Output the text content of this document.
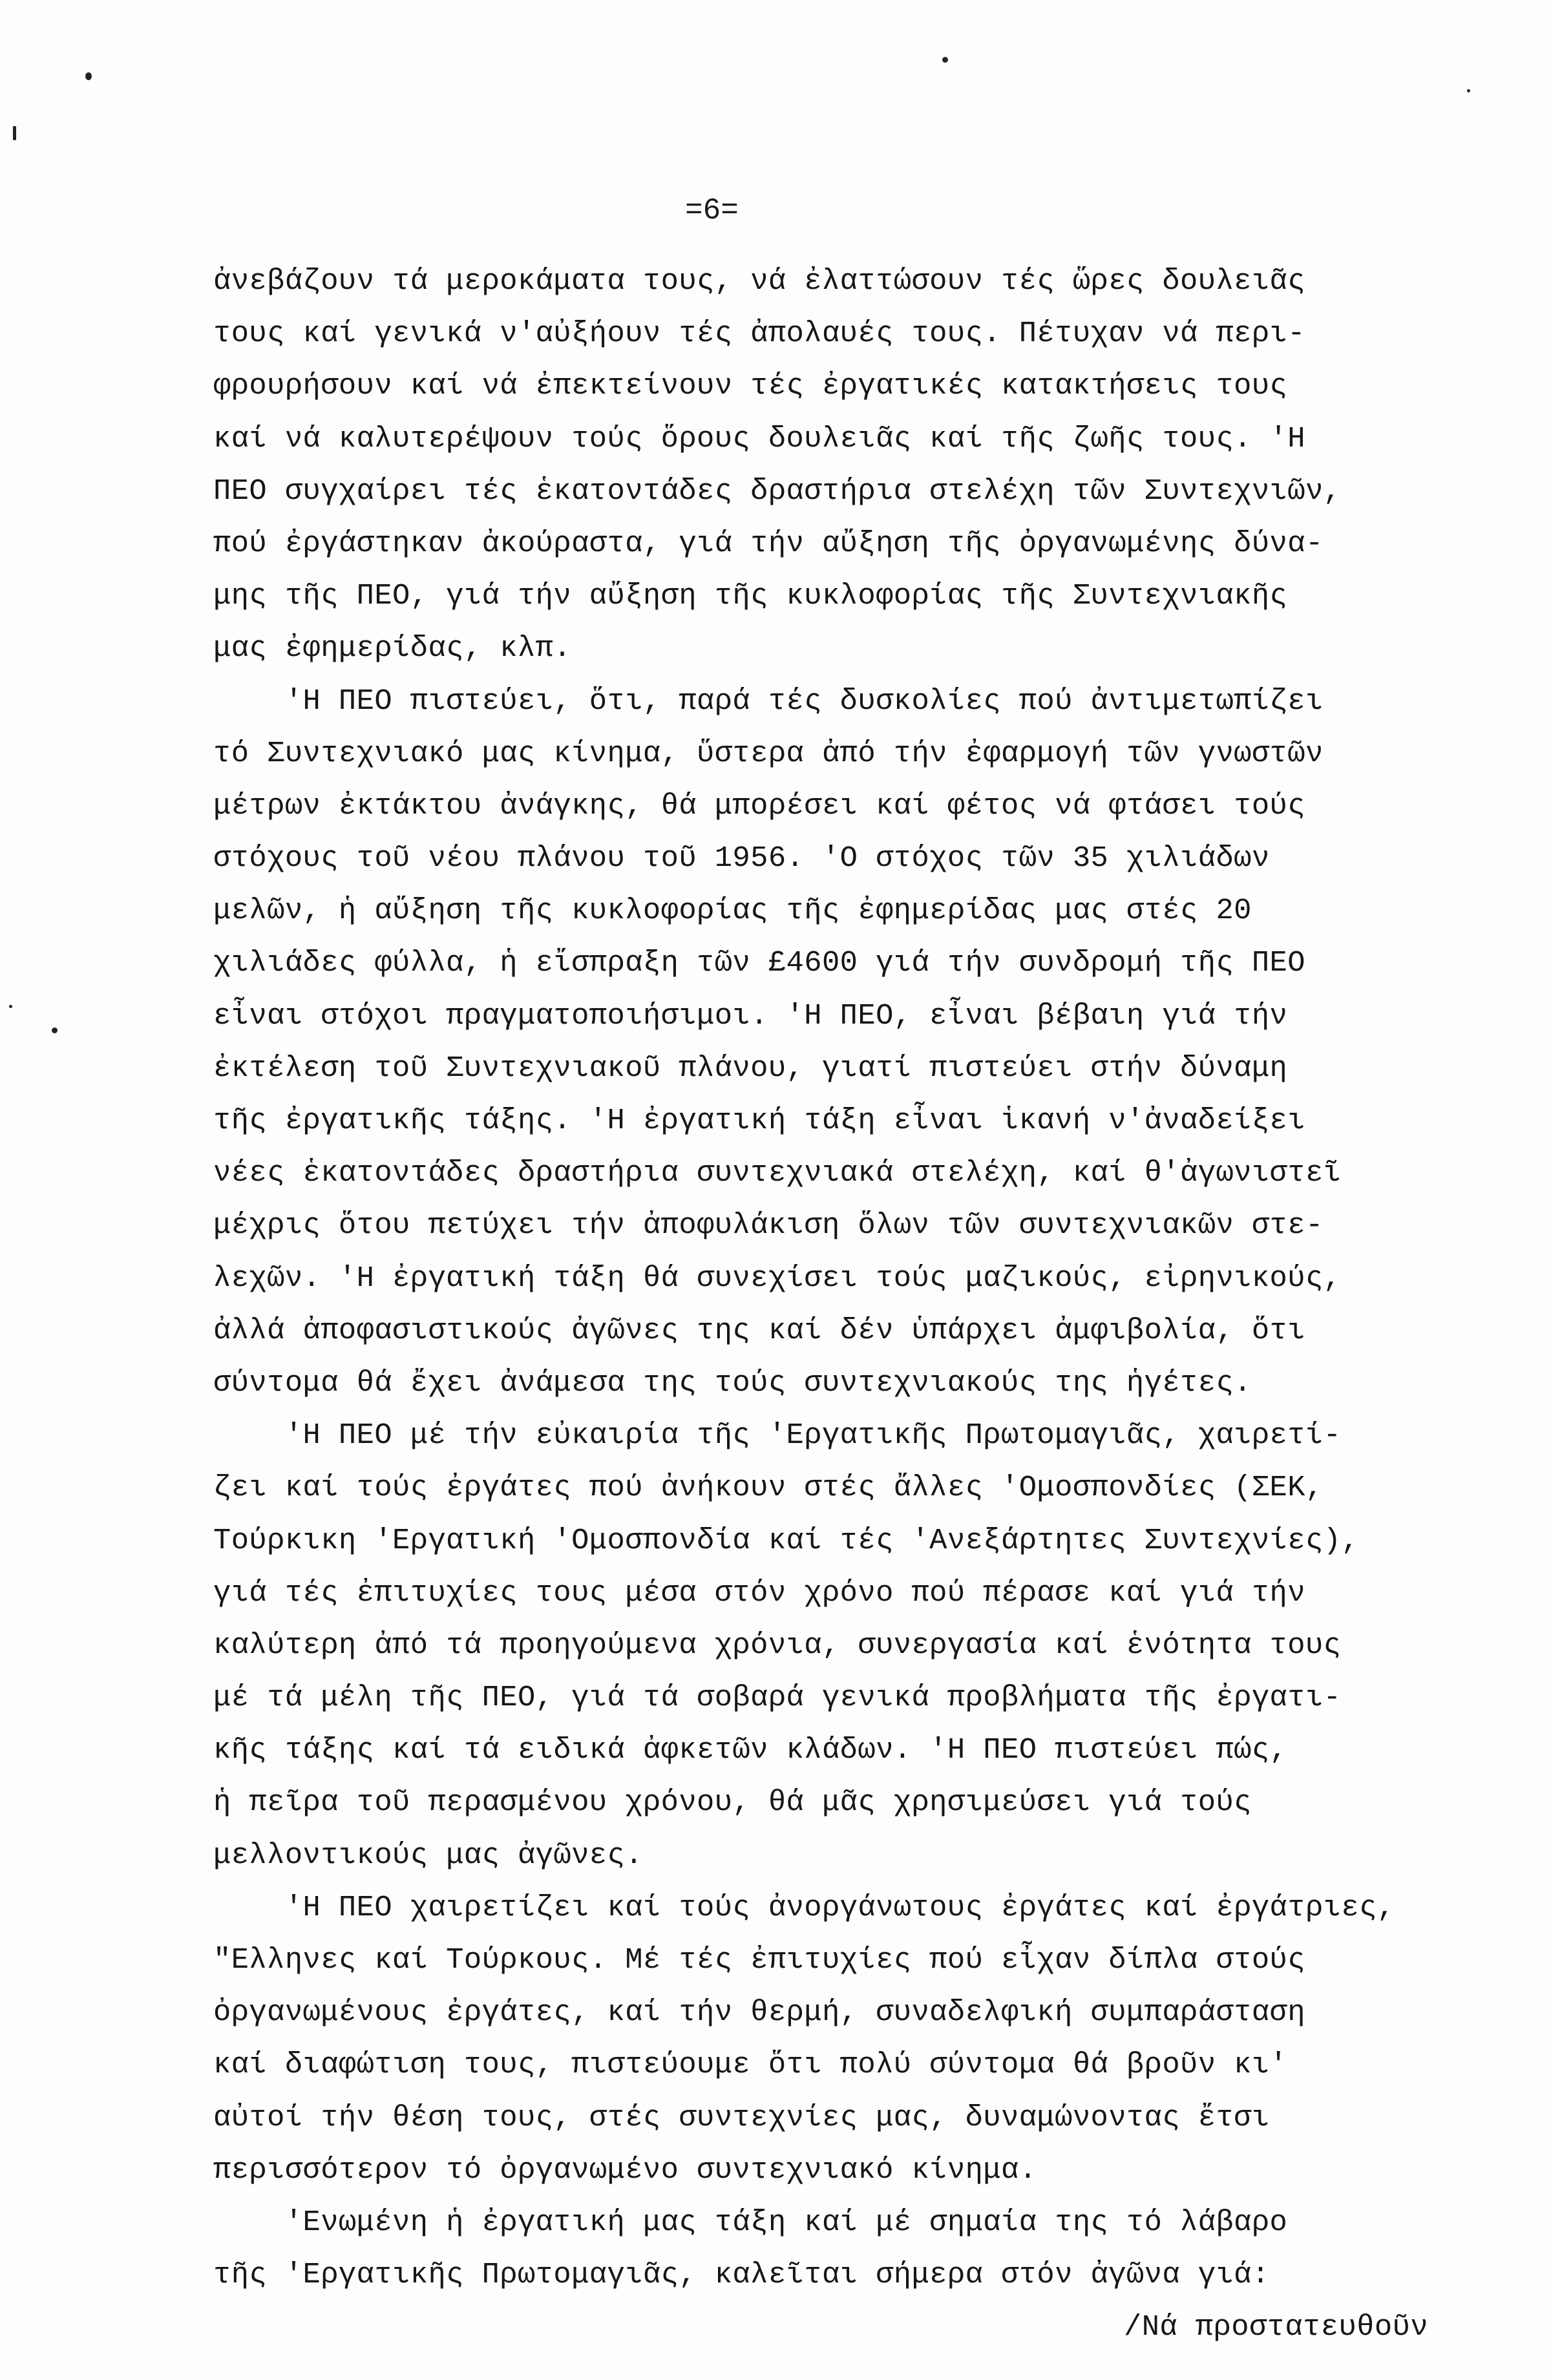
=6=
ἀνεβάζουν τά μεροκάματα τους, νά ἐλαττώσουν τές ὥρες δουλειᾶς
τους καί γενικά ν'αὐξήουν τές ἀπολαυές τους. Πέτυχαν νά περι-
φρουρήσουν καί νά ἐπεκτείνουν τές ἐργατικές κατακτήσεις τους
καί νά καλυτερέψουν τούς ὅρους δουλειᾶς καί τῆς ζωῆς τους. 'Η
ΠΕΟ συγχαίρει τές ἑκατοντάδες δραστήρια στελέχη τῶν Συντεχνιῶν,
πού ἐργάστηκαν ἀκούραστα, γιά τήν αὔξηση τῆς ὀργανωμένης δύνα-
μης τῆς ΠΕΟ, γιά τήν αὔξηση τῆς κυκλοφορίας τῆς Συντεχνιακῆς
μας ἐφημερίδας, κλπ.
'Η ΠΕΟ πιστεύει, ὅτι, παρά τές δυσκολίες πού ἀντιμετωπίζει
τό Συντεχνιακό μας κίνημα, ὕστερα ἀπό τήν ἐφαρμογή τῶν γνωστῶν
μέτρων ἐκτάκτου ἀνάγκης, θά μπορέσει καί φέτος νά φτάσει τούς
στόχους τοῦ νέου πλάνου τοῦ 1956. 'Ο στόχος τῶν 35 χιλιάδων
μελῶν, ἡ αὔξηση τῆς κυκλοφορίας τῆς ἐφημερίδας μας στές 20
χιλιάδες φύλλα, ἡ εἴσπραξη τῶν £4600 γιά τήν συνδρομή τῆς ΠΕΟ
εἶναι στόχοι πραγματοποιήσιμοι. 'Η ΠΕΟ, εἶναι βέβαιη γιά τήν
ἐκτέλεση τοῦ Συντεχνιακοῦ πλάνου, γιατί πιστεύει στήν δύναμη
τῆς ἐργατικῆς τάξης. 'Η ἐργατική τάξη εἶναι ἱκανή ν'ἀναδείξει
νέες ἑκατοντάδες δραστήρια συντεχνιακά στελέχη, καί θ'ἀγωνιστεῖ
μέχρις ὅτου πετύχει τήν ἀποφυλάκιση ὅλων τῶν συντεχνιακῶν στε-
λεχῶν. 'Η ἐργατική τάξη θά συνεχίσει τούς μαζικούς, εἰρηνικούς,
ἀλλά ἀποφασιστικούς ἀγῶνες της καί δέν ὑπάρχει ἀμφιβολία, ὅτι
σύντομα θά ἔχει ἀνάμεσα της τούς συντεχνιακούς της ἡγέτες.
'Η ΠΕΟ μέ τήν εὐκαιρία τῆς 'Εργατικῆς Πρωτομαγιᾶς, χαιρετί-
ζει καί τούς ἐργάτες πού ἀνήκουν στές ἄλλες 'Ομοσπονδίες (ΣΕΚ,
Τούρκικη 'Εργατική 'Ομοσπονδία καί τές 'Ανεξάρτητες Συντεχνίες),
γιά τές ἐπιτυχίες τους μέσα στόν χρόνο πού πέρασε καί γιά τήν
καλύτερη ἀπό τά προηγούμενα χρόνια, συνεργασία καί ἑνότητα τους
μέ τά μέλη τῆς ΠΕΟ, γιά τά σοβαρά γενικά προβλήματα τῆς ἐργατι-
κῆς τάξης καί τά ειδικά ἀφκετῶν κλάδων. 'Η ΠΕΟ πιστεύει πώς,
ἡ πεῖρα τοῦ περασμένου χρόνου, θά μᾶς χρησιμεύσει γιά τούς
μελλοντικούς μας ἀγῶνες.
'Η ΠΕΟ χαιρετίζει καί τούς ἀνοργάνωτους ἐργάτες καί ἐργάτριες,
"Ελληνες καί Τούρκους. Μέ τές ἐπιτυχίες πού εἶχαν δίπλα στούς
ὀργανωμένους ἐργάτες, καί τήν θερμή, συναδελφική συμπαράσταση
καί διαφώτιση τους, πιστεύουμε ὅτι πολύ σύντομα θά βροῦν κι'
αὐτοί τήν θέση τους, στές συντεχνίες μας, δυναμώνοντας ἔτσι
περισσότερον τό ὀργανωμένο συντεχνιακό κίνημα.
'Ενωμένη ἡ ἐργατική μας τάξη καί μέ σημαία της τό λάβαρο
τῆς 'Εργατικῆς Πρωτομαγιᾶς, καλεῖται σήμερα στόν ἀγῶνα γιά:
/Νά προστατευθοῦν
